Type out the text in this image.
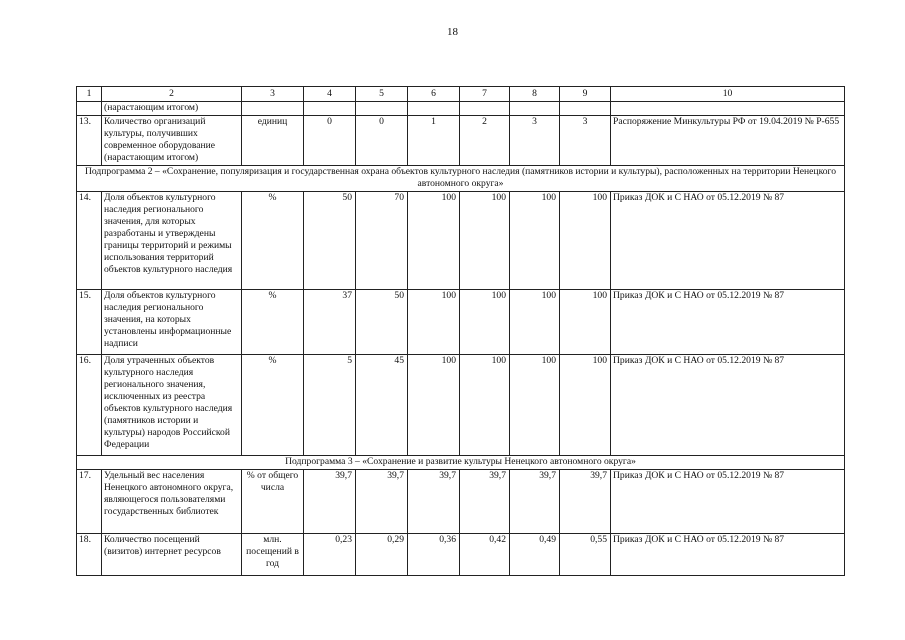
18
1	2	3	4	5	6	7	8	9	10
	(нарастающим итогом)								
13.	Количество организаций культуры, получивших современное оборудование (нарастающим итогом)	единиц	0	0	1	2	3	3	Распоряжение Минкультуры РФ от 19.04.2019 № Р-655
Подпрограмма 2 – «Сохранение, популяризация и государственная охрана объектов культурного наследия (памятников истории и культуры), расположенных на территории Ненецкого автономного округа»									
14.	Доля объектов культурного наследия регионального значения, для которых разработаны и утверждены границы территорий и режимы использования территорий объектов культурного наследия	%	50	70	100	100	100	100	Приказ ДОК и С НАО от 05.12.2019 № 87
15.	Доля объектов культурного наследия регионального значения, на которых установлены информационные надписи	%	37	50	100	100	100	100	Приказ ДОК и С НАО от 05.12.2019 № 87
16.	Доля утраченных объектов культурного наследия регионального значения, исключенных из реестра объектов культурного наследия (памятников истории и культуры) народов Российской Федерации	%	5	45	100	100	100	100	Приказ ДОК и С НАО от 05.12.2019 № 87
Подпрограмма 3 – «Сохранение и развитие культуры Ненецкого автономного округа»									
17.	Удельный вес населения Ненецкого автономного округа, являющегося пользователями государственных библиотек	% от общего числа	39,7	39,7	39,7	39,7	39,7	39,7	Приказ ДОК и С НАО от 05.12.2019 № 87
18.	Количество посещений (визитов) интернет ресурсов	млн. посещений в год	0,23	0,29	0,36	0,42	0,49	0,55	Приказ ДОК и С НАО от 05.12.2019 № 87
